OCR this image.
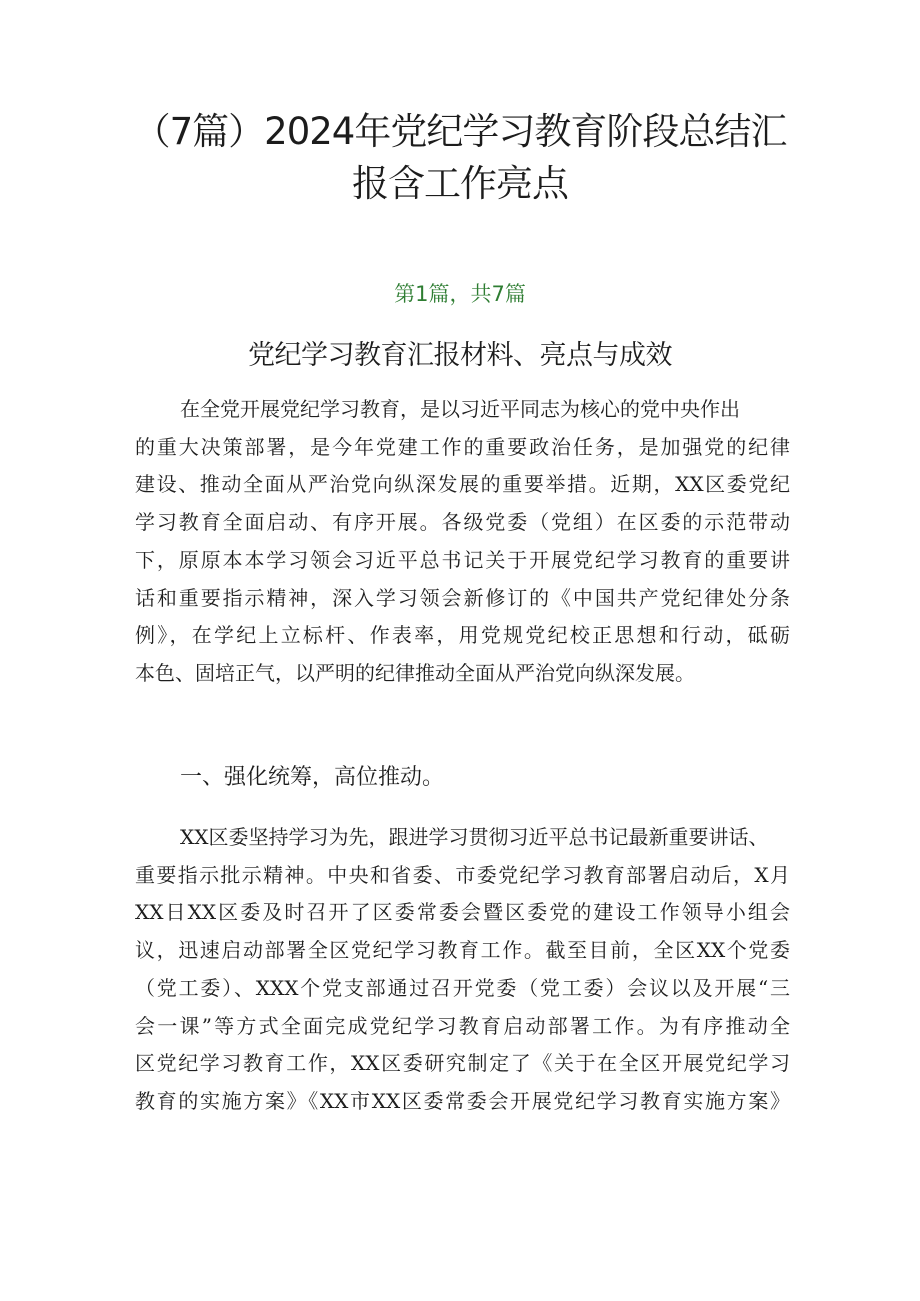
（7篇）2024年党纪学习教育阶段总结汇
报含工作亮点
第1篇，共7篇
党纪学习教育汇报材料、亮点与成效
在全党开展党纪学习教育，是以习近平同志为核心的党中央作出
的重大决策部署，是今年党建工作的重要政治任务，是加强党的纪律
建设、推动全面从严治党向纵深发展的重要举措。近期，XX区委党纪
学习教育全面启动、有序开展。各级党委（党组）在区委的示范带动
下，原原本本学习领会习近平总书记关于开展党纪学习教育的重要讲
话和重要指示精神，深入学习领会新修订的《中国共产党纪律处分条
例》，在学纪上立标杆、作表率，用党规党纪校正思想和行动，砥砺
本色、固培正气，以严明的纪律推动全面从严治党向纵深发展。
一、强化统筹，高位推动。
XX区委坚持学习为先，跟进学习贯彻习近平总书记最新重要讲话、
重要指示批示精神。中央和省委、市委党纪学习教育部署启动后，X月
XX日XX区委及时召开了区委常委会暨区委党的建设工作领导小组会
议，迅速启动部署全区党纪学习教育工作。截至目前，全区XX个党委
（党工委）、XXX个党支部通过召开党委（党工委）会议以及开展“三
会一课”等方式全面完成党纪学习教育启动部署工作。为有序推动全
区党纪学习教育工作，XX区委研究制定了《关于在全区开展党纪学习
教育的实施方案》《XX市XX区委常委会开展党纪学习教育实施方案》
